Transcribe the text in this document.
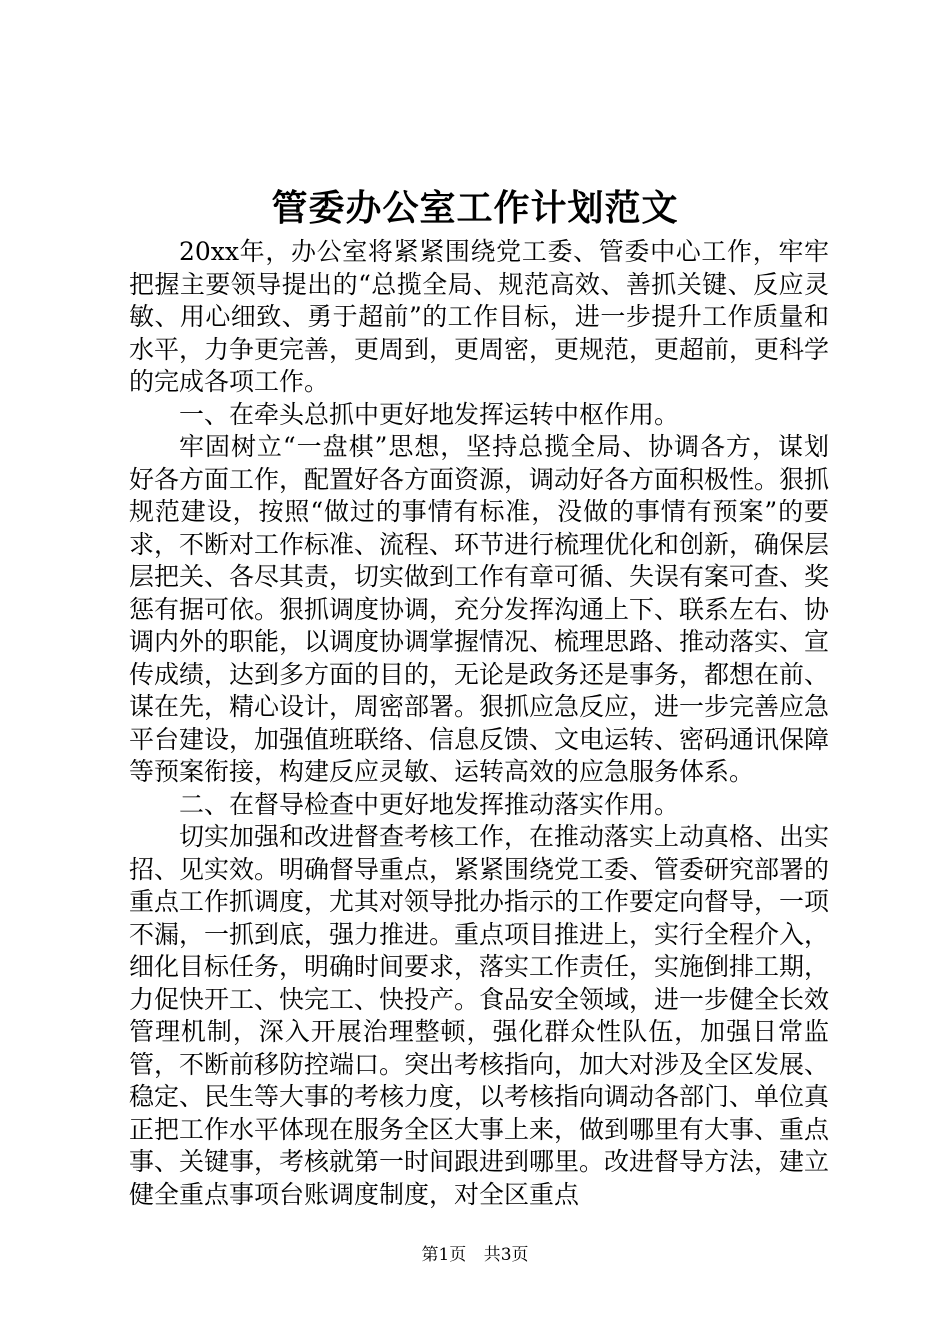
管委办公室工作计划范文

20xx年，办公室将紧紧围绕党工委、管委中心工作，牢牢把握主要领导提出的“总揽全局、规范高效、善抓关键、反应灵敏、用心细致、勇于超前”的工作目标，进一步提升工作质量和水平，力争更完善，更周到，更周密，更规范，更超前，更科学的完成各项工作。

一、在牵头总抓中更好地发挥运转中枢作用。

牢固树立“一盘棋”思想，坚持总揽全局、协调各方，谋划好各方面工作，配置好各方面资源，调动好各方面积极性。狠抓规范建设，按照“做过的事情有标准，没做的事情有预案”的要求，不断对工作标准、流程、环节进行梳理优化和创新，确保层层把关、各尽其责，切实做到工作有章可循、失误有案可查、奖惩有据可依。狠抓调度协调，充分发挥沟通上下、联系左右、协调内外的职能，以调度协调掌握情况、梳理思路、推动落实、宣传成绩，达到多方面的目的，无论是政务还是事务，都想在前、谋在先，精心设计，周密部署。狠抓应急反应，进一步完善应急平台建设，加强值班联络、信息反馈、文电运转、密码通讯保障等预案衔接，构建反应灵敏、运转高效的应急服务体系。

二、在督导检查中更好地发挥推动落实作用。

切实加强和改进督查考核工作，在推动落实上动真格、出实招、见实效。明确督导重点，紧紧围绕党工委、管委研究部署的重点工作抓调度，尤其对领导批办指示的工作要定向督导，一项不漏，一抓到底，强力推进。重点项目推进上，实行全程介入，细化目标任务，明确时间要求，落实工作责任，实施倒排工期，力促快开工、快完工、快投产。食品安全领域，进一步健全长效管理机制，深入开展治理整顿，强化群众性队伍，加强日常监管，不断前移防控端口。突出考核指向，加大对涉及全区发展、稳定、民生等大事的考核力度，以考核指向调动各部门、单位真正把工作水平体现在服务全区大事上来，做到哪里有大事、重点事、关键事，考核就第一时间跟进到哪里。改进督导方法，建立健全重点事项台账调度制度，对全区重点

第1页 共3页
